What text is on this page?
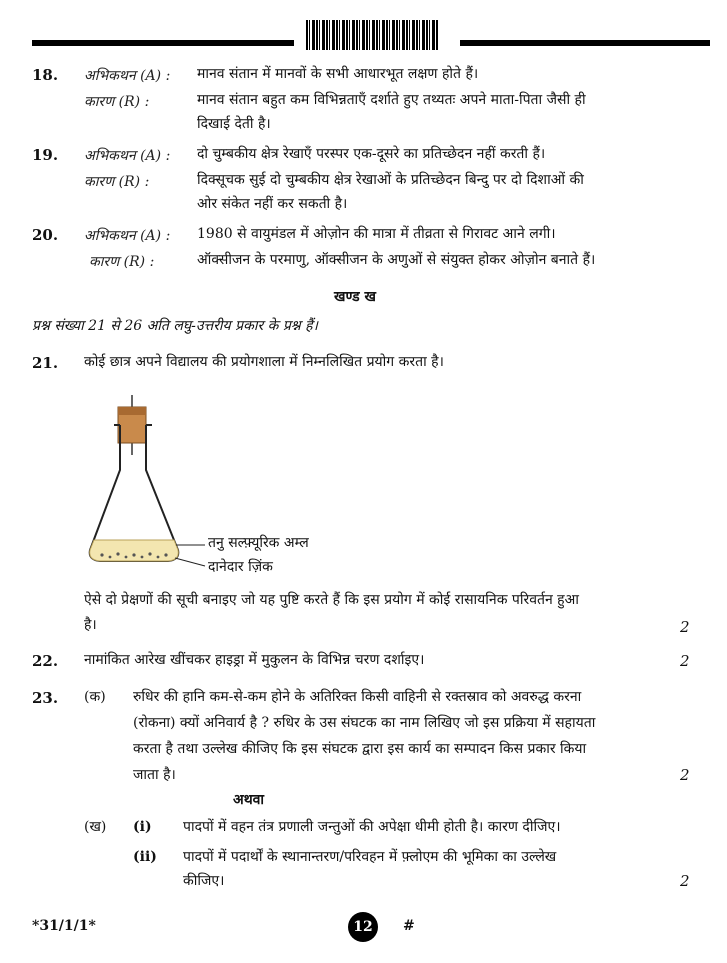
18. अभिकथन (A) : मानव संतान में मानवों के सभी आधारभूत लक्षण होते हैं।
कारण (R) :	मानव संतान बहुत कम विभिन्नताएँ दर्शाते हुए तथ्यतः अपने माता-पिता जैसी ही
दिखाई देती है।
19. अभिकथन (A) : दो चुम्बकीय क्षेत्र रेखाएँ परस्पर एक-दूसरे का प्रतिच्छेदन नहीं करती हैं।
कारण (R) :	दिक्सूचक सुई दो चुम्बकीय क्षेत्र रेखाओं के प्रतिच्छेदन बिन्दु पर दो दिशाओं की
ओर संकेत नहीं कर सकती है।
20. अभिकथन (A) : 1980 से वायुमंडल में ओज़ोन की मात्रा में तीव्रता से गिरावट आने लगी।
कारण (R) :	ऑक्सीजन के परमाणु, ऑक्सीजन के अणुओं से संयुक्त होकर ओज़ोन बनाते हैं।
खण्ड ख
प्रश्न संख्या 21 से 26 अति लघु-उत्तरीय प्रकार के प्रश्न हैं।
21. कोई छात्र अपने विद्यालय की प्रयोगशाला में निम्नलिखित प्रयोग करता है।
तनु सल्फ़्यूरिक अम्ल
दानेदार ज़िंक
ऐसे दो प्रेक्षणों की सूची बनाइए जो यह पुष्टि करते हैं कि इस प्रयोग में कोई रासायनिक परिवर्तन हुआ
है।	2
22. नामांकित आरेख खींचकर हाइड्रा में मुकुलन के विभिन्न चरण दर्शाइए।	2
23. (क) रुधिर की हानि कम-से-कम होने के अतिरिक्त किसी वाहिनी से रक्तस्राव को अवरुद्ध करना
(रोकना) क्यों अनिवार्य है ? रुधिर के उस संघटक का नाम लिखिए जो इस प्रक्रिया में सहायता
करता है तथा उल्लेख कीजिए कि इस संघटक द्वारा इस कार्य का सम्पादन किस प्रकार किया
जाता है।	2
अथवा
(ख) (i) पादपों में वहन तंत्र प्रणाली जन्तुओं की अपेक्षा धीमी होती है। कारण दीजिए।
(ii) पादपों में पदार्थों के स्थानान्तरण/परिवहन में फ़्लोएम की भूमिका का उल्लेख
कीजिए।	2
*31/1/1*	12	#
